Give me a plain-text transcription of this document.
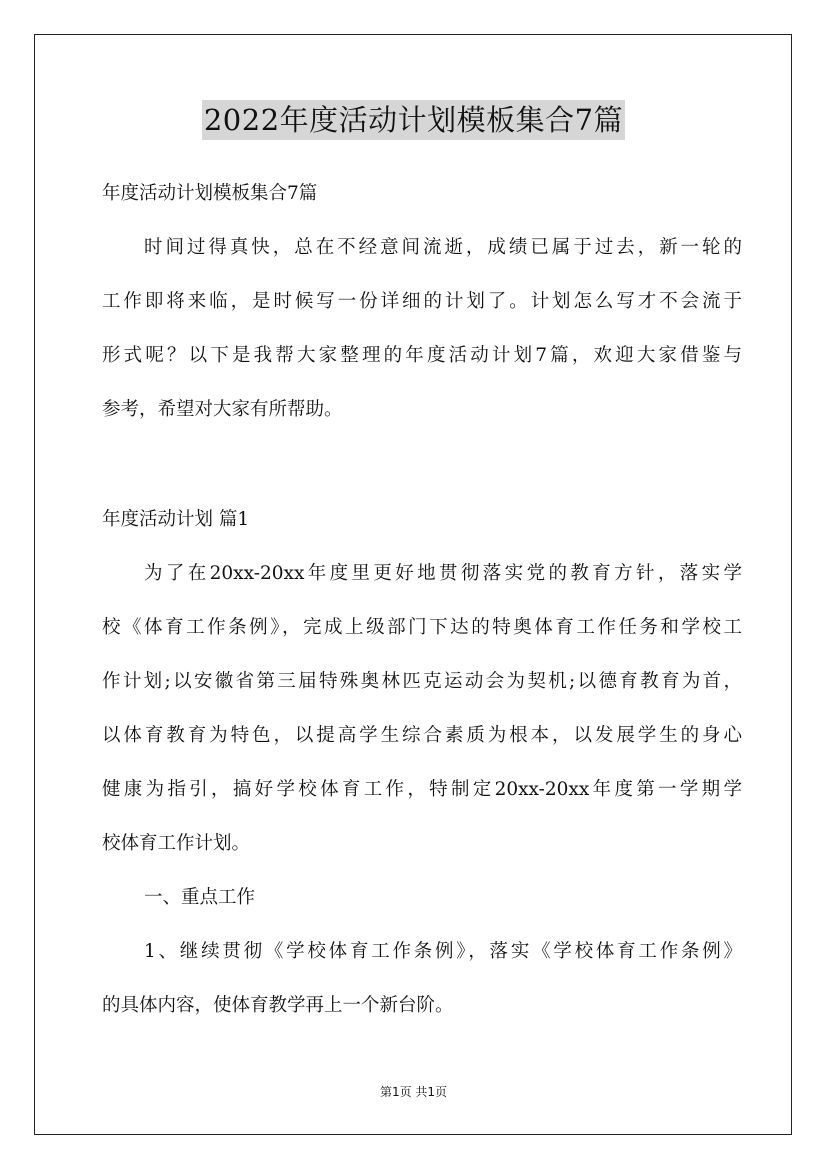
2022年度活动计划模板集合7篇

年度活动计划模板集合7篇

时间过得真快，总在不经意间流逝，成绩已属于过去，新一轮的

工作即将来临，是时候写一份详细的计划了。计划怎么写才不会流于

形式呢？以下是我帮大家整理的年度活动计划7篇，欢迎大家借鉴与

参考，希望对大家有所帮助。

年度活动计划 篇1

为了在20xx-20xx年度里更好地贯彻落实党的教育方针，落实学

校《体育工作条例》，完成上级部门下达的特奥体育工作任务和学校工

作计划;以安徽省第三届特殊奥林匹克运动会为契机;以德育教育为首，

以体育教育为特色，以提高学生综合素质为根本，以发展学生的身心

健康为指引，搞好学校体育工作，特制定20xx-20xx年度第一学期学

校体育工作计划。

一、重点工作

1、继续贯彻《学校体育工作条例》，落实《学校体育工作条例》

的具体内容，使体育教学再上一个新台阶。

第1页 共1页
